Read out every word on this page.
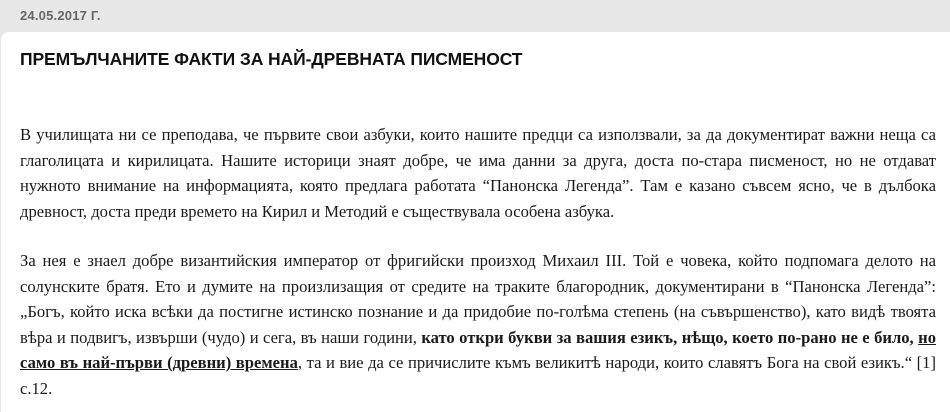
24.05.2017 Г.
ПРЕМЪЛЧАНИТЕ ФАКТИ ЗА НАЙ-ДРЕВНАТА ПИСМЕНОСТ

В училищата ни се преподава, че първите свои азбуки, които нашите предци са използвали, за да документират важни неща са глаголицата и кирилицата. Нашите историци знаят добре, че има данни за друга, доста по-стара писменост, но не отдават нужното внимание на информацията, която предлага работата “Панонска Легенда”. Там е казано съвсем ясно, че в дълбока древност, доста преди времето на Кирил и Методий е съществувала особена азбука.

За нея е знаел добре византийския император от фригийски произход Михаил III. Той е човека, който подпомага делото на солунските братя. Ето и думите на произлизащия от средите на траките благородник, документирани в “Панонска Легенда”: „Богъ, който иска всѣки да постигне истинско познание и да придобие по-голѣма степень (на съвършенство), като видѣ твоята вѣра и подвигъ, извърши (чудо) и сега, въ наши години, като откри букви за вашия езикъ, нѣщо, което по-рано не е било, но само въ най-първи (древни) времена, та и вие да се причислите къмъ великитѣ народи, които славятъ Бога на свой езикъ.“ [1] с.12.
